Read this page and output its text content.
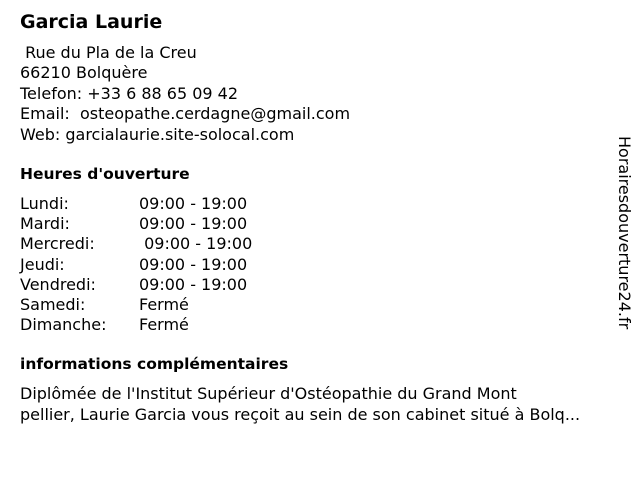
Garcia Laurie
Rue du Pla de la Creu
66210 Bolquère
Telefon: +33 6 88 65 09 42
Email:  osteopathe.cerdagne@gmail.com
Web: garcialaurie.site-solocal.com
Heures d'ouverture
Lundi:	09:00 - 19:00
Mardi:	09:00 - 19:00
Mercredi:	09:00 - 19:00
Jeudi:	09:00 - 19:00
Vendredi:	09:00 - 19:00
Samedi:	Fermé
Dimanche:	Fermé
informations complémentaires
Diplômée de l'Institut Supérieur d'Ostéopathie du Grand Mont
pellier, Laurie Garcia vous reçoit au sein de son cabinet situé à Bolq...
Horairesdouverture24.fr
